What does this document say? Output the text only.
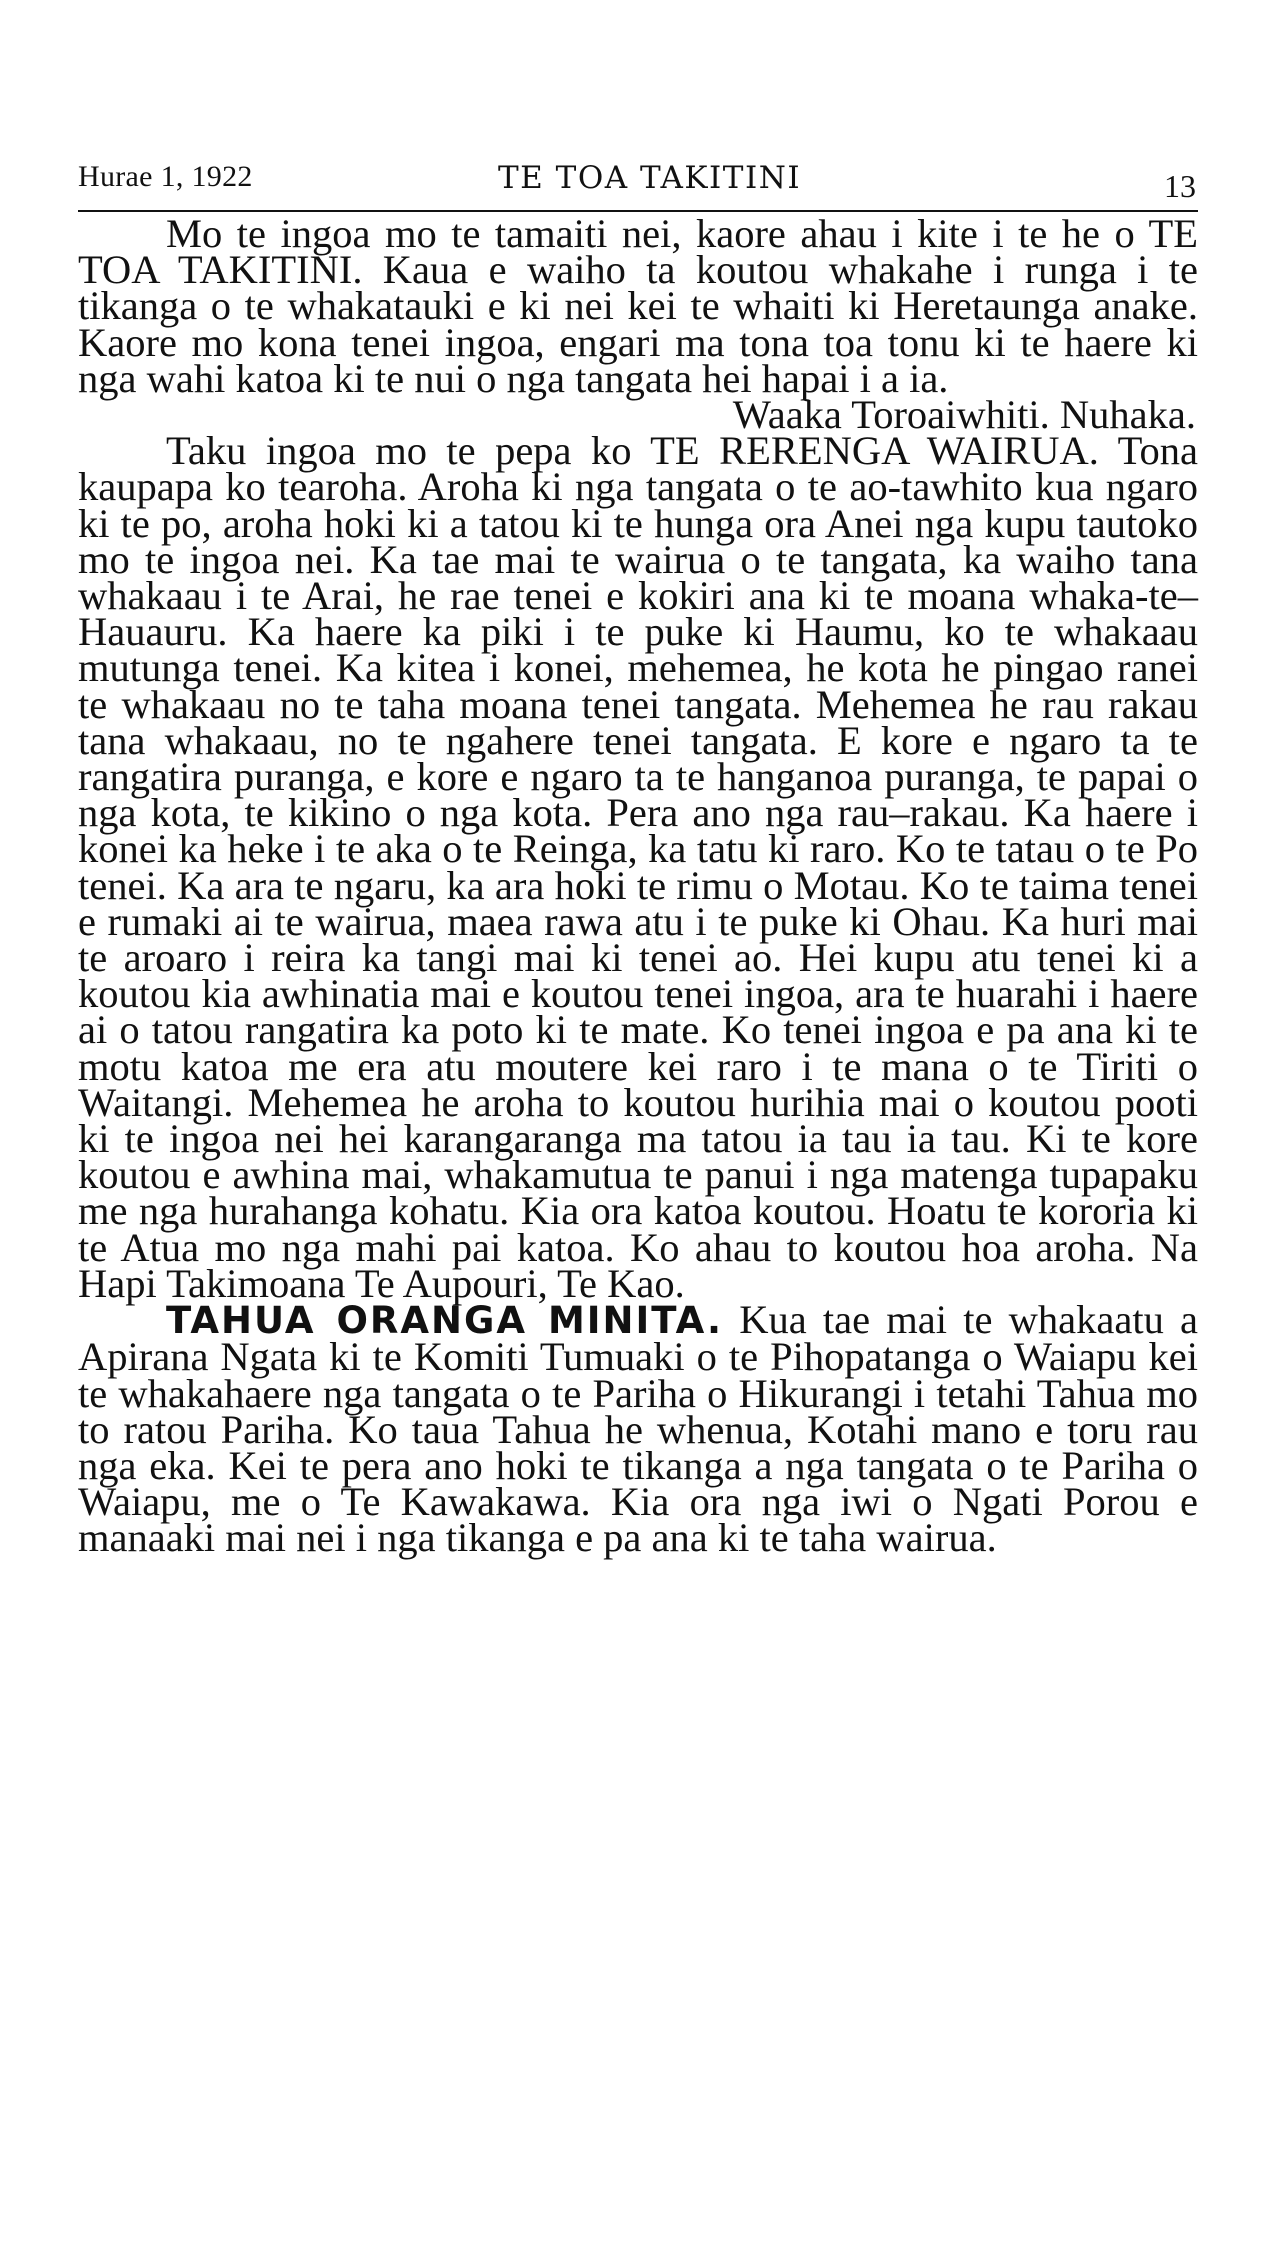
Hurae 1, 1922	TE TOA TAKITINI	13

Mo te ingoa mo te tamaiti nei, kaore ahau i kite i te he o TE TOA TAKITINI. Kaua e waiho ta koutou whakahe i runga i te tikanga o te whakatauki e ki nei kei te whaiti ki Heretaunga anake. Kaore mo kona tenei ingoa, engari ma tona toa tonu ki te haere ki nga wahi katoa ki te nui o nga tangata hei hapai i a ia.

Waaka Toroaiwhiti. Nuhaka.

Taku ingoa mo te pepa ko TE RERENGA WAIRUA. Tona kaupapa ko tearoha. Aroha ki nga tangata o te ao-tawhito kua ngaro ki te po, aroha hoki ki a tatou ki te hunga ora Anei nga kupu tautoko mo te ingoa nei. Ka tae mai te wairua o te tangata, ka waiho tana whakaau i te Arai, he rae tenei e kokiri ana ki te moana whaka-te–Hauauru. Ka haere ka piki i te puke ki Haumu, ko te whakaau mutunga tenei. Ka kitea i konei, mehemea, he kota he pingao ranei te whakaau no te taha moana tenei tangata. Mehemea he rau rakau tana whakaau, no te ngahere tenei tangata. E kore e ngaro ta te rangatira puranga, e kore e ngaro ta te hanganoa puranga, te papai o nga kota, te kikino o nga kota. Pera ano nga rau–rakau. Ka haere i konei ka heke i te aka o te Reinga, ka tatu ki raro. Ko te tatau o te Po tenei. Ka ara te ngaru, ka ara hoki te rimu o Motau. Ko te taima tenei e rumaki ai te wairua, maea rawa atu i te puke ki Ohau. Ka huri mai te aroaro i reira ka tangi mai ki tenei ao. Hei kupu atu tenei ki a koutou kia awhinatia mai e koutou tenei ingoa, ara te huarahi i haere ai o tatou rangatira ka poto ki te mate. Ko tenei ingoa e pa ana ki te motu katoa me era atu moutere kei raro i te mana o te Tiriti o Waitangi. Mehemea he aroha to koutou hurihia mai o koutou pooti ki te ingoa nei hei karangaranga ma tatou ia tau ia tau. Ki te kore koutou e awhina mai, whakamutua te panui i nga matenga tupapaku me nga hurahanga kohatu. Kia ora katoa koutou. Hoatu te kororia ki te Atua mo nga mahi pai katoa. Ko ahau to koutou hoa aroha. Na Hapi Takimoana Te Aupouri, Te Kao.

TAHUA ORANGA MINITA. Kua tae mai te whakaatu a Apirana Ngata ki te Komiti Tumuaki o te Pihopatanga o Waiapu kei te whakahaere nga tangata o te Pariha o Hikurangi i tetahi Tahua mo to ratou Pariha. Ko taua Tahua he whenua, Kotahi mano e toru rau nga eka. Kei te pera ano hoki te tikanga a nga tangata o te Pariha o Waiapu, me o Te Kawakawa. Kia ora nga iwi o Ngati Porou e manaaki mai nei i nga tikanga e pa ana ki te taha wairua.
